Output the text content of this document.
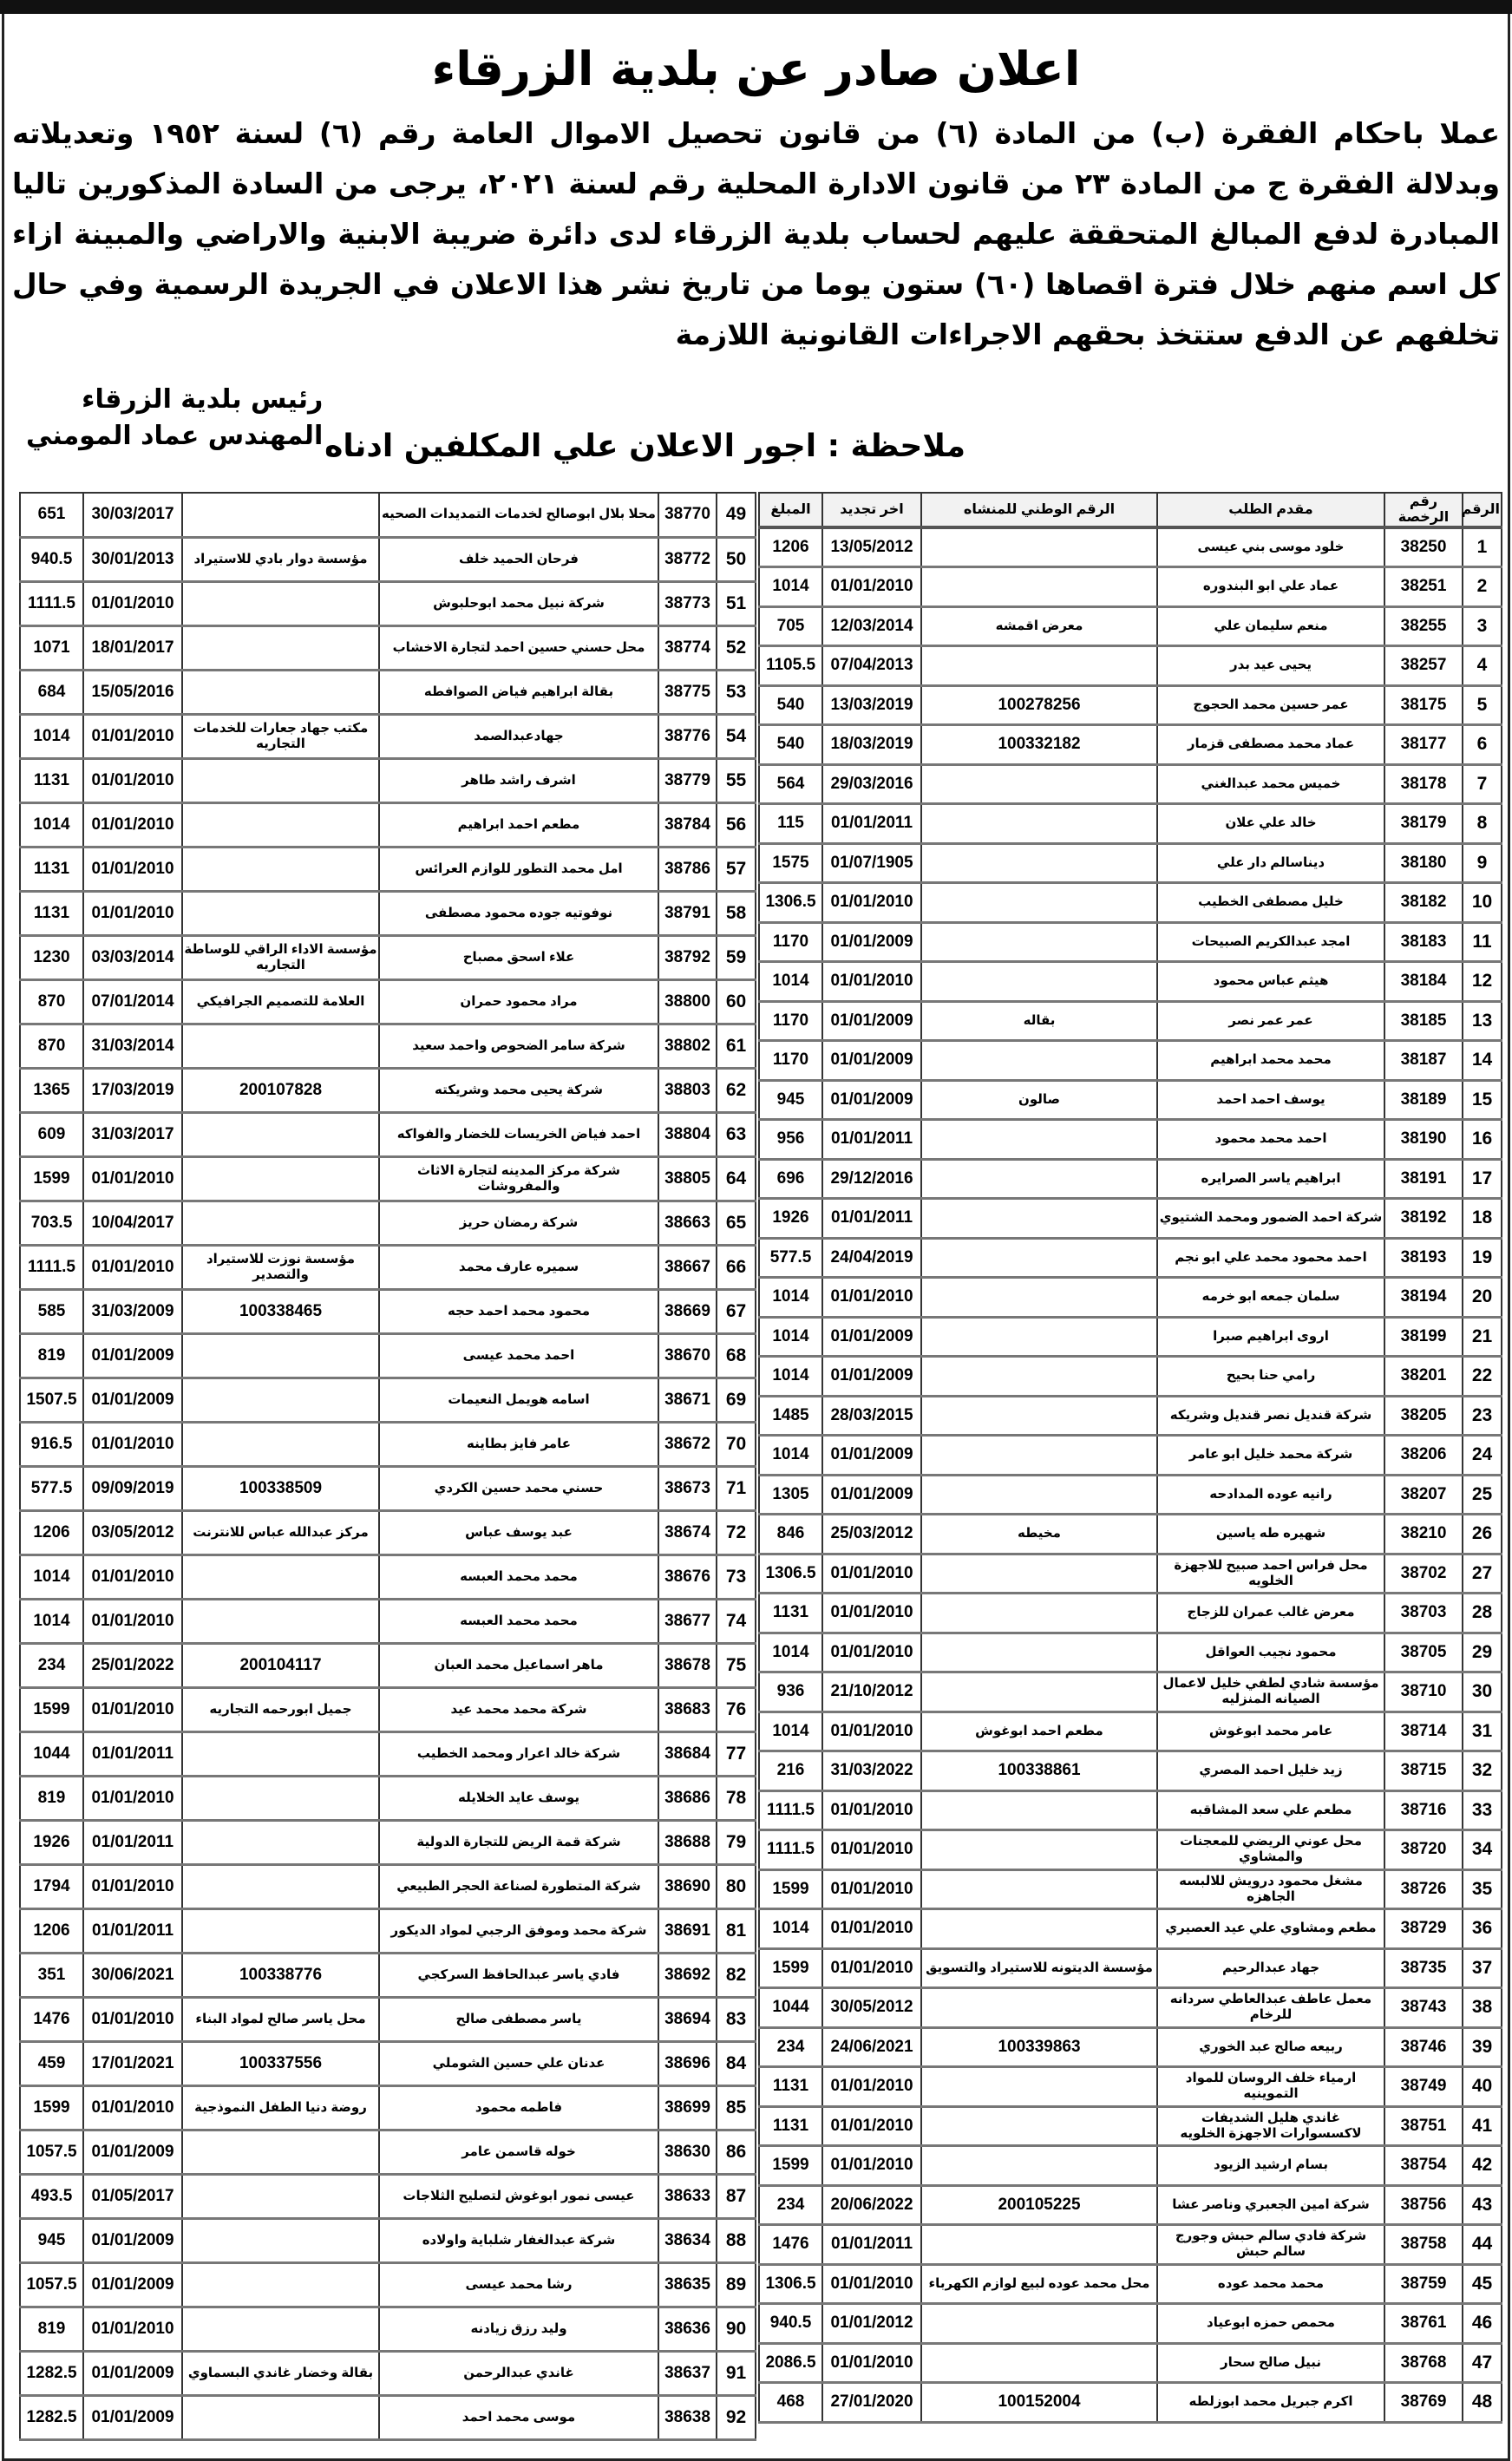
اعلان صادر عن بلدية الزرقاء

عملا باحكام الفقرة (ب) من المادة (٦) من قانون تحصيل الاموال العامة رقم (٦) لسنة ١٩٥٢ وتعديلاته وبدلالة الفقرة ج من المادة ٢٣ من قانون الادارة المحلية رقم لسنة ٢٠٢١، يرجى من السادة المذكورين تاليا المبادرة لدفع المبالغ المتحققة عليهم لحساب بلدية الزرقاء لدى دائرة ضريبة الابنية والاراضي والمبينة ازاء كل اسم منهم خلال فترة اقصاها (٦٠) ستون يوما من تاريخ نشر هذا الاعلان في الجريدة الرسمية وفي حال تخلفهم عن الدفع ستتخذ بحقهم الاجراءات القانونية اللازمة

رئيس بلدية الزرقاء
المهندس عماد المومني ملاحظة : اجور الاعلان علي المكلفين ادناه
الرقم	رقم الرخصة	مقدم الطلب	الرقم الوطني للمنشاه	اخر تجديد	المبلغ
1	38250	خلود موسى بني عيسى		13/05/2012	1206
2	38251	عماد علي ابو البندوره		01/01/2010	1014
3	38255	منعم سليمان علي	معرض اقمشه	12/03/2014	705
4	38257	يحيى عيد بدر		07/04/2013	1105.5
5	38175	عمر حسين محمد الحجوج	100278256	13/03/2019	540
6	38177	عماد محمد مصطفى قزمار	100332182	18/03/2019	540
7	38178	خميس محمد عبدالغني		29/03/2016	564
8	38179	خالد علي علان		01/01/2011	115
9	38180	ديناسالم دار علي		01/07/1905	1575
10	38182	خليل مصطفى الخطيب		01/01/2010	1306.5
11	38183	امجد عبدالكريم الصبيحات		01/01/2009	1170
12	38184	هيثم عباس محمود		01/01/2010	1014
13	38185	عمر عمر نصر	بقاله	01/01/2009	1170
14	38187	محمد محمد ابراهيم		01/01/2009	1170
15	38189	يوسف احمد احمد	صالون	01/01/2009	945
16	38190	احمد محمد محمود		01/01/2011	956
17	38191	ابراهيم ياسر الصرايره		29/12/2016	696
18	38192	شركة احمد الضمور ومحمد الشتيوي		01/01/2011	1926
19	38193	احمد محمود محمد علي ابو نجم		24/04/2019	577.5
20	38194	سلمان جمعه ابو خرمه		01/01/2010	1014
21	38199	اروى ابراهيم صبرا		01/01/2009	1014
22	38201	رامي حنا بحيح		01/01/2009	1014
23	38205	شركة قنديل نصر قنديل وشريكه		28/03/2015	1485
24	38206	شركة محمد خليل ابو عامر		01/01/2009	1014
25	38207	رانيه عوده المدادحه		01/01/2009	1305
26	38210	شهيره طه ياسين	مخيطه	25/03/2012	846
27	38702	محل فراس احمد صبيح للاجهزة الخلويه		01/01/2010	1306.5
28	38703	معرض غالب عمران للزجاج		01/01/2010	1131
29	38705	محمود نجيب العواقل		01/01/2010	1014
30	38710	مؤسسة شادي لطفي خليل لاعمال الصيانه المنزليه		21/10/2012	936
31	38714	عامر محمد ابوغوش	مطعم احمد ابوغوش	01/01/2010	1014
32	38715	زيد خليل احمد المصري	100338861	31/03/2022	216
33	38716	مطعم علي سعد المشاقبه		01/01/2010	1111.5
34	38720	محل عوني الريضي للمعجنات والمشاوي		01/01/2010	1111.5
35	38726	مشغل محمود درويش للالبسه الجاهزه		01/01/2010	1599
36	38729	مطعم ومشاوي علي عيد العصيري		01/01/2010	1014
37	38735	جهاد عبدالرحيم	مؤسسة الديتونه للاستيراد والتسويق	01/01/2010	1599
38	38743	معمل عاطف عبدالعاطي سردانه للرخام		30/05/2012	1044
39	38746	ربيعه صالح عبد الخوري	100339863	24/06/2021	234
40	38749	ارمياء خلف الروسان للمواد التموينيه		01/01/2010	1131
41	38751	غاندي هليل الشديفات لاكسسوارات الاجهزة الخلويه		01/01/2010	1131
42	38754	بسام ارشيد الزيود		01/01/2010	1599
43	38756	شركة امين الجعبري وناصر عشا	200105225	20/06/2022	234
44	38758	شركة فادي سالم حبش وجورج سالم حبش		01/01/2011	1476
45	38759	محمد محمد عوده	محل محمد عوده لبيع لوازم الكهرباء	01/01/2010	1306.5
46	38761	محمص حمزه ابوعياد		01/01/2012	940.5
47	38768	نبيل صالح سحار		01/01/2010	2086.5
48	38769	اكرم جبريل محمد ابوزلطه	100152004	27/01/2020	468
49	38770	محلا بلال ابوصالح لخدمات التمديدات الصحيه		30/03/2017	651
50	38772	فرحان الحميد خلف	مؤسسة دوار بادي للاستيراد	30/01/2013	940.5
51	38773	شركة نبيل محمد ابوحلبوش		01/01/2010	1111.5
52	38774	محل حسني حسين احمد لتجارة الاخشاب		18/01/2017	1071
53	38775	بقالة ابراهيم فياض الصوافطه		15/05/2016	684
54	38776	جهادعبدالصمد	مكتب جهاد جعارات للخدمات التجاريه	01/01/2010	1014
55	38779	اشرف راشد طاهر		01/01/2010	1131
56	38784	مطعم احمد ابراهيم		01/01/2010	1014
57	38786	امل محمد التطور للوازم العرائس		01/01/2010	1131
58	38791	نوفوتيه جوده محمود مصطفى		01/01/2010	1131
59	38792	علاء اسحق مصباح	مؤسسة الاداء الراقي للوساطة التجاريه	03/03/2014	1230
60	38800	مراد محمود حمران	العلامة للتصميم الجرافيكي	07/01/2014	870
61	38802	شركة سامر الضحوص واحمد سعيد		31/03/2014	870
62	38803	شركة يحيى محمد وشريكته	200107828	17/03/2019	1365
63	38804	احمد فياض الخريسات للخضار والفواكه		31/03/2017	609
64	38805	شركة مركز المدينه لتجارة الاثاث والمفروشات		01/01/2010	1599
65	38663	شركة رمضان حريز		10/04/2017	703.5
66	38667	سميره عارف محمد	مؤسسة نوزت للاستيراد والتصدير	01/01/2010	1111.5
67	38669	محمود محمد احمد حجه	100338465	31/03/2009	585
68	38670	احمد محمد عيسى		01/01/2009	819
69	38671	اسامه هويمل النعيمات		01/01/2009	1507.5
70	38672	عامر فايز بطاينه		01/01/2010	916.5
71	38673	حسني محمد حسين الكردي	100338509	09/09/2019	577.5
72	38674	عبد يوسف عباس	مركز عبدالله عباس للانترنت	03/05/2012	1206
73	38676	محمد محمد العبسه		01/01/2010	1014
74	38677	محمد محمد العبسه		01/01/2010	1014
75	38678	ماهر اسماعيل محمد العبان	200104117	25/01/2022	234
76	38683	شركة محمد محمد عيد	جميل ابورحمه التجاريه	01/01/2010	1599
77	38684	شركة خالد اعرار ومحمد الخطيب		01/01/2011	1044
78	38686	يوسف عايد الخلايله		01/01/2010	819
79	38688	شركة قمة الريض للتجارة الدولية		01/01/2011	1926
80	38690	شركة المتطورة لصناعة الحجر الطبيعي		01/01/2010	1794
81	38691	شركة محمد وموفق الرجبي لمواد الديكور		01/01/2011	1206
82	38692	فادي ياسر عبدالحافظ السركجي	100338776	30/06/2021	351
83	38694	ياسر مصطفى صالح	محل ياسر صالح لمواد البناء	01/01/2010	1476
84	38696	عدنان علي حسين الشوملي	100337556	17/01/2021	459
85	38699	فاطمه محمود	روضة دنيا الطفل النموذجية	01/01/2010	1599
86	38630	خوله قاسمن عامر		01/01/2009	1057.5
87	38633	عيسى نمور ابوغوش لتصليح الثلاجات		01/05/2017	493.5
88	38634	شركة عبدالغفار شلباية واولاده		01/01/2009	945
89	38635	رشا محمد عيسى		01/01/2009	1057.5
90	38636	وليد رزق زيادنه		01/01/2010	819
91	38637	غاندي عبدالرحمن	بقالة وخضار غاندي البسماوي	01/01/2009	1282.5
92	38638	موسى محمد احمد		01/01/2009	1282.5
